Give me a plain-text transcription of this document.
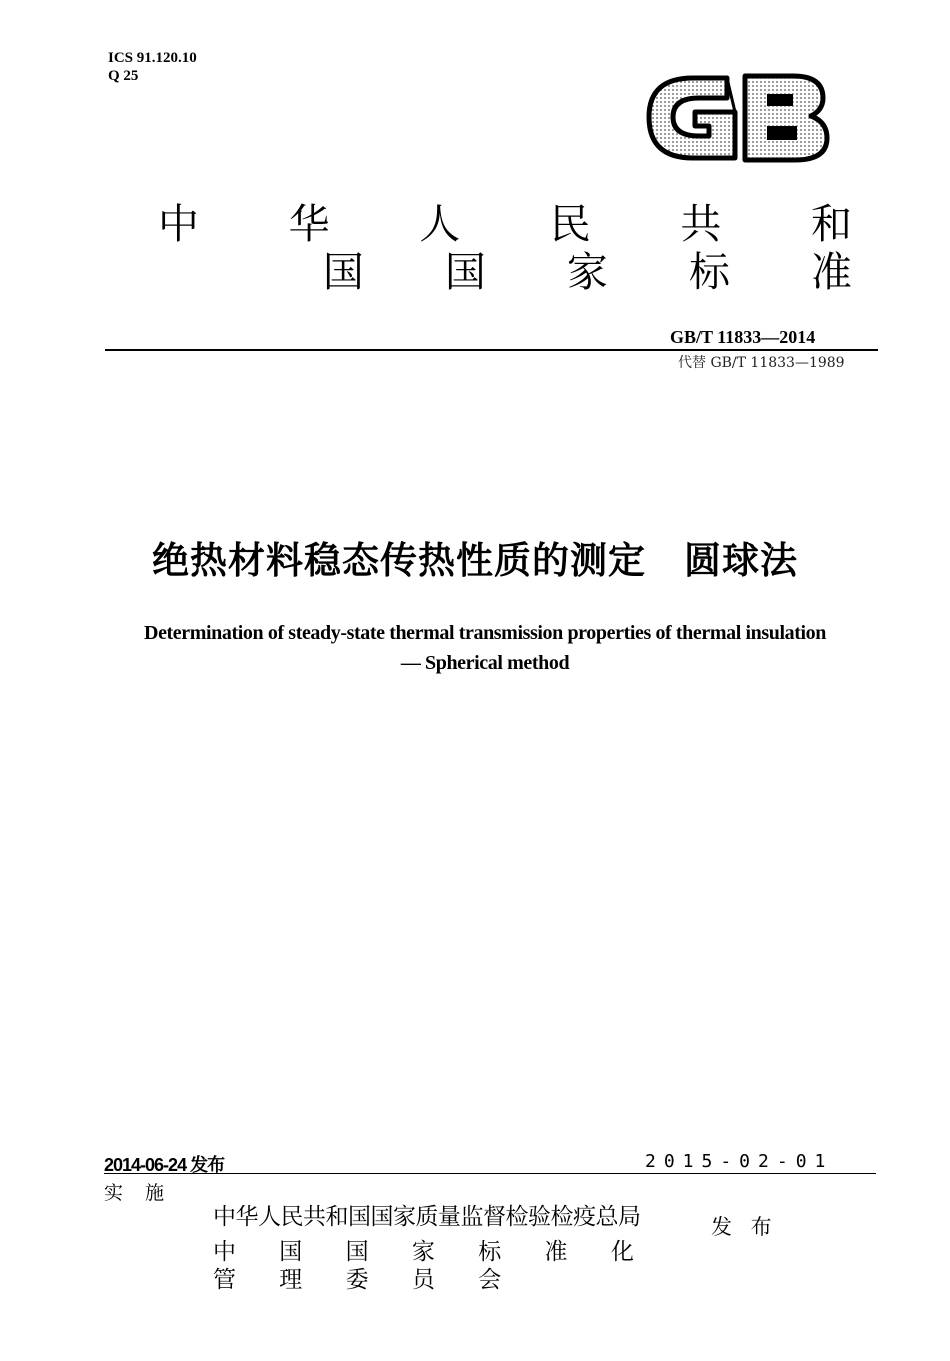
ICS 91.120.10
Q 25
中 华 人 民 共 和 国 国 家 标 准
GB/T 11833—2014
代替 GB/T 11833—1989
绝热材料稳态传热性质的测定　圆球法
Determination of steady-state thermal transmission properties of thermal insulation
— Spherical method
2014-06-24 发布	2015-02-01
实 施
中华人民共和国国家质量监督检验检疫总局	发 布
中 国 国 家 标 准 化 管 理 委 员 会
